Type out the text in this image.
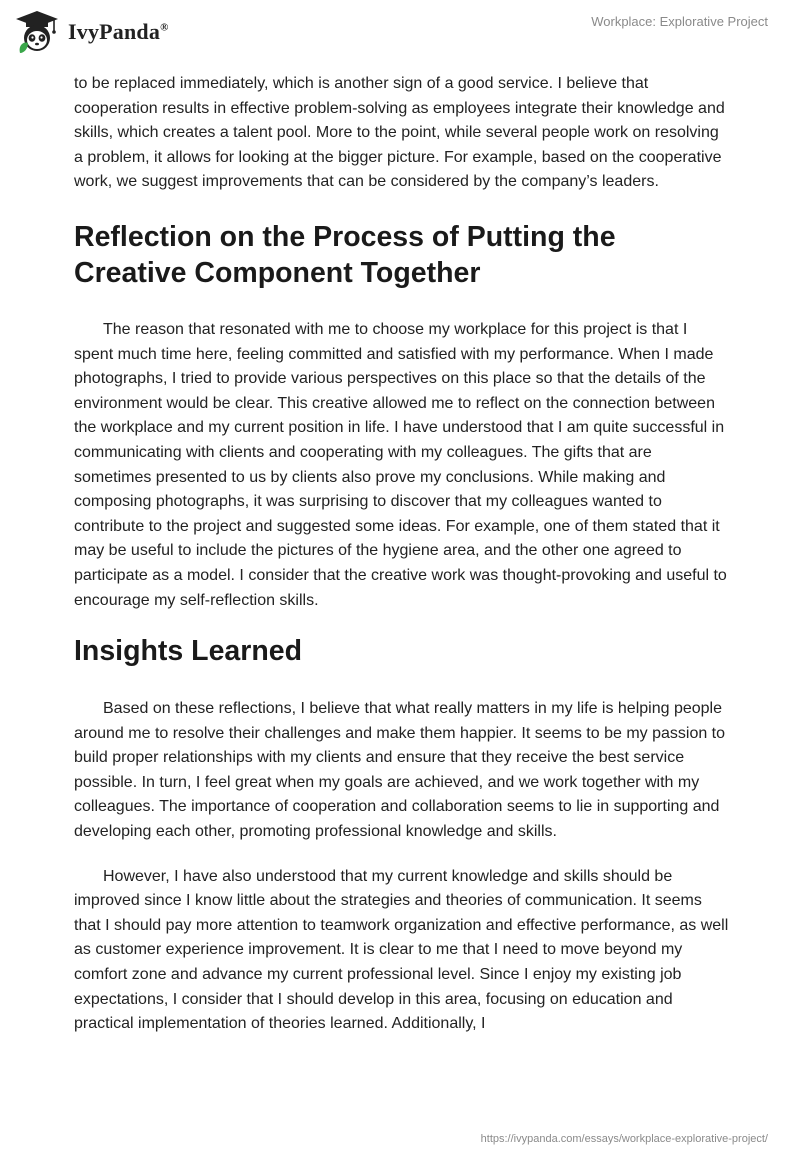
IvyPanda®	Workplace: Explorative Project

to be replaced immediately, which is another sign of a good service. I believe that cooperation results in effective problem-solving as employees integrate their knowledge and skills, which creates a talent pool. More to the point, while several people work on resolving a problem, it allows for looking at the bigger picture. For example, based on the cooperative work, we suggest improvements that can be considered by the company’s leaders.

Reflection on the Process of Putting the Creative Component Together

The reason that resonated with me to choose my workplace for this project is that I spent much time here, feeling committed and satisfied with my performance. When I made photographs, I tried to provide various perspectives on this place so that the details of the environment would be clear. This creative allowed me to reflect on the connection between the workplace and my current position in life. I have understood that I am quite successful in communicating with clients and cooperating with my colleagues. The gifts that are sometimes presented to us by clients also prove my conclusions. While making and composing photographs, it was surprising to discover that my colleagues wanted to contribute to the project and suggested some ideas. For example, one of them stated that it may be useful to include the pictures of the hygiene area, and the other one agreed to participate as a model. I consider that the creative work was thought-provoking and useful to encourage my self-reflection skills.

Insights Learned

Based on these reflections, I believe that what really matters in my life is helping people around me to resolve their challenges and make them happier. It seems to be my passion to build proper relationships with my clients and ensure that they receive the best service possible. In turn, I feel great when my goals are achieved, and we work together with my colleagues. The importance of cooperation and collaboration seems to lie in supporting and developing each other, promoting professional knowledge and skills.

However, I have also understood that my current knowledge and skills should be improved since I know little about the strategies and theories of communication. It seems that I should pay more attention to teamwork organization and effective performance, as well as customer experience improvement. It is clear to me that I need to move beyond my comfort zone and advance my current professional level. Since I enjoy my existing job expectations, I consider that I should develop in this area, focusing on education and practical implementation of theories learned. Additionally, I

https://ivypanda.com/essays/workplace-explorative-project/
